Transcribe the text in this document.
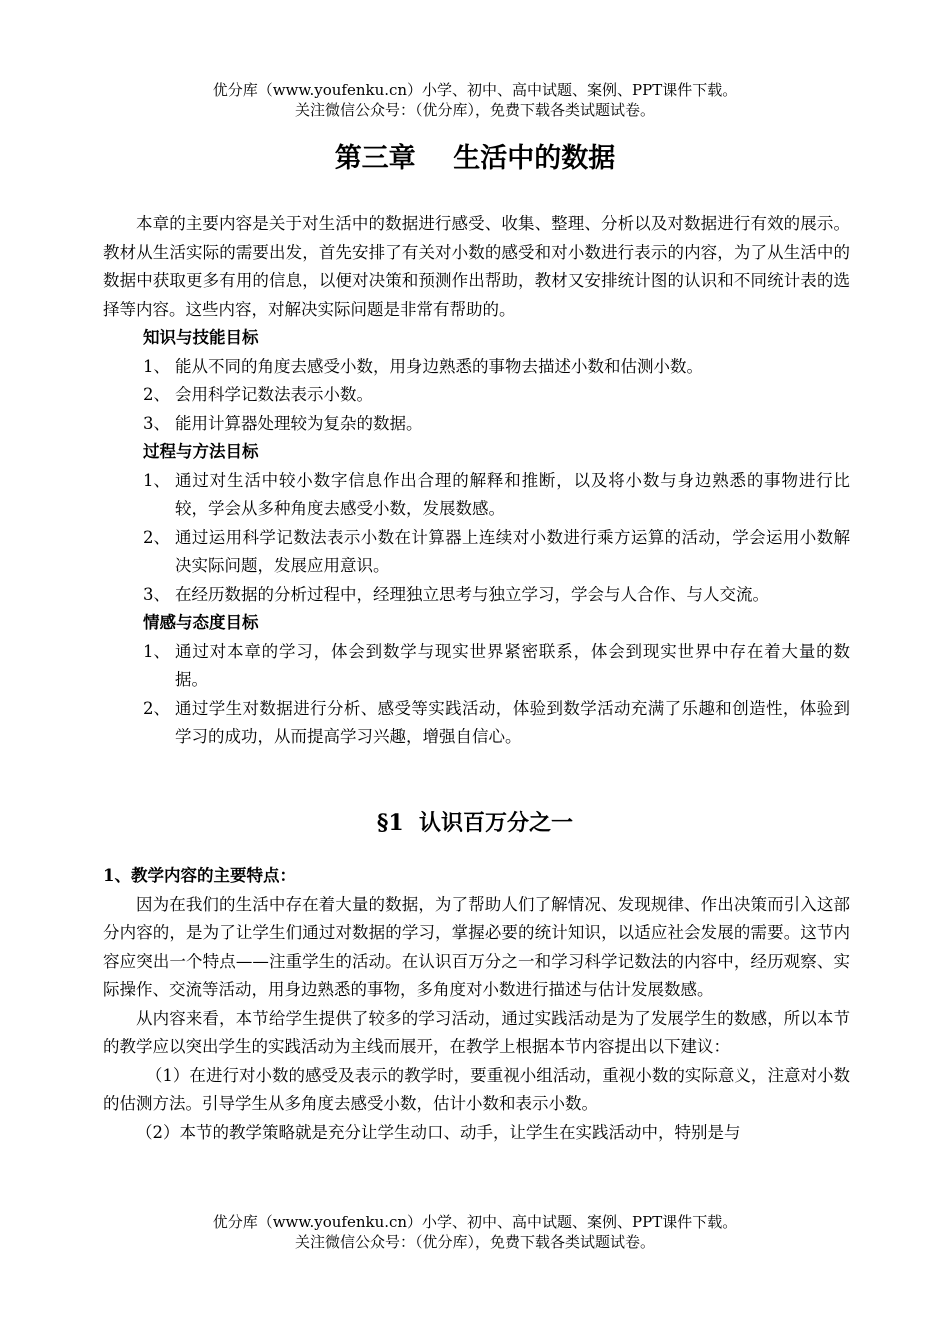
优分库（www.youfenku.cn）小学、初中、高中试题、案例、PPT课件下载。
关注微信公众号：（优分库），免费下载各类试题试卷。
第三章    生活中的数据

本章的主要内容是关于对生活中的数据进行感受、收集、整理、分析以及对数据进行有效的展示。教材从生活实际的需要出发，首先安排了有关对小数的感受和对小数进行表示的内容，为了从生活中的数据中获取更多有用的信息，以便对决策和预测作出帮助，教材又安排统计图的认识和不同统计表的选择等内容。这些内容，对解决实际问题是非常有帮助的。

知识与技能目标

1、 能从不同的角度去感受小数，用身边熟悉的事物去描述小数和估测小数。
2、 会用科学记数法表示小数。
3、 能用计算器处理较为复杂的数据。

过程与方法目标

1、 通过对生活中较小数字信息作出合理的解释和推断，以及将小数与身边熟悉的事物进行比较，学会从多种角度去感受小数，发展数感。
2、 通过运用科学记数法表示小数在计算器上连续对小数进行乘方运算的活动，学会运用小数解决实际问题，发展应用意识。
3、 在经历数据的分析过程中，经理独立思考与独立学习，学会与人合作、与人交流。

情感与态度目标

1、 通过对本章的学习，体会到数学与现实世界紧密联系，体会到现实世界中存在着大量的数据。
2、 通过学生对数据进行分析、感受等实践活动，体验到数学活动充满了乐趣和创造性，体验到学习的成功，从而提高学习兴趣，增强自信心。
§1  认识百万分之一

1、教学内容的主要特点：

因为在我们的生活中存在着大量的数据，为了帮助人们了解情况、发现规律、作出决策而引入这部分内容的，是为了让学生们通过对数据的学习，掌握必要的统计知识，以适应社会发展的需要。这节内容应突出一个特点——注重学生的活动。在认识百万分之一和学习科学记数法的内容中，经历观察、实际操作、交流等活动，用身边熟悉的事物，多角度对小数进行描述与估计发展数感。

从内容来看，本节给学生提供了较多的学习活动，通过实践活动是为了发展学生的数感，所以本节的教学应以突出学生的实践活动为主线而展开，在教学上根据本节内容提出以下建议：

（1）在进行对小数的感受及表示的教学时，要重视小组活动，重视小数的实际意义，注意对小数的估测方法。引导学生从多角度去感受小数，估计小数和表示小数。

（2）本节的教学策略就是充分让学生动口、动手，让学生在实践活动中，特别是与

优分库（www.youfenku.cn）小学、初中、高中试题、案例、PPT课件下载。
关注微信公众号：（优分库），免费下载各类试题试卷。
